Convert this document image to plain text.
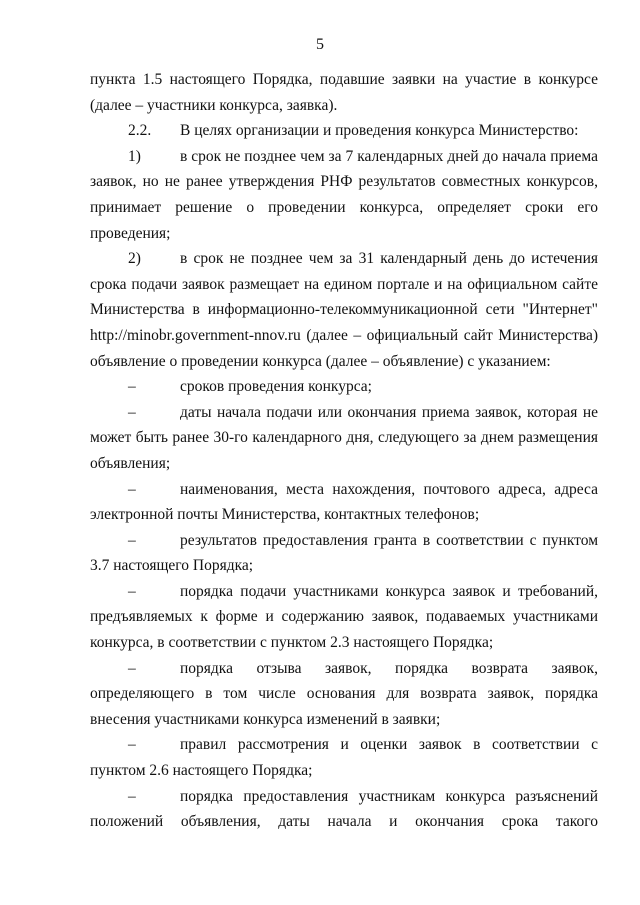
5

пункта 1.5 настоящего Порядка, подавшие заявки на участие в конкурсе (далее – участники конкурса, заявка).

2.2. В целях организации и проведения конкурса Министерство:

1)	в срок не позднее чем за 7 календарных дней до начала приема заявок, но не ранее утверждения РНФ результатов совместных конкурсов, принимает решение о проведении конкурса, определяет сроки его проведения;

2)	в срок не позднее чем за 31 календарный день до истечения срока подачи заявок размещает на едином портале и на официальном сайте Министерства в информационно-телекоммуникационной сети "Интернет" http://minobr.government-nnov.ru (далее – официальный сайт Министерства) объявление о проведении конкурса (далее – объявление) с указанием:

–	сроков проведения конкурса;

–	даты начала подачи или окончания приема заявок, которая не может быть ранее 30-го календарного дня, следующего за днем размещения объявления;

–	наименования, места нахождения, почтового адреса, адреса электронной почты Министерства, контактных телефонов;

–	результатов предоставления гранта в соответствии с пунктом 3.7 настоящего Порядка;

–	порядка подачи участниками конкурса заявок и требований, предъявляемых к форме и содержанию заявок, подаваемых участниками конкурса, в соответствии с пунктом 2.3 настоящего Порядка;

–	порядка отзыва заявок, порядка возврата заявок, определяющего в том числе основания для возврата заявок, порядка внесения участниками конкурса изменений в заявки;

–	правил рассмотрения и оценки заявок в соответствии с пунктом 2.6 настоящего Порядка;

–	порядка предоставления участникам конкурса разъяснений положений объявления, даты начала и окончания срока такого
